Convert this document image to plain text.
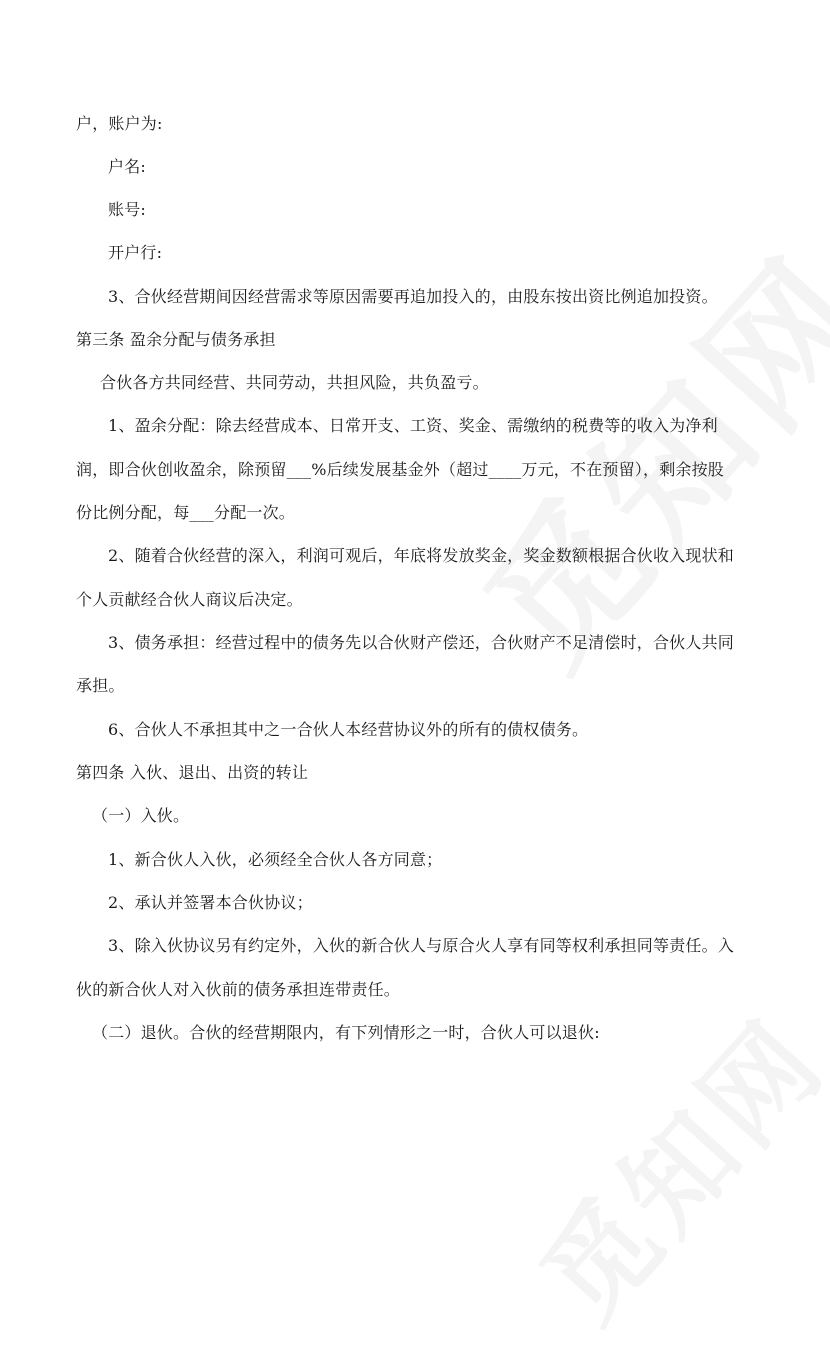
户，账户为:
户名:
账号:
开户行:
3、合伙经营期间因经营需求等原因需要再追加投入的，由股东按出资比例追加投资。
第三条 盈余分配与债务承担
合伙各方共同经营、共同劳动，共担风险，共负盈亏。
1、盈余分配：除去经营成本、日常开支、工资、奖金、需缴纳的税费等的收入为净利
润，即合伙创收盈余，除预留___%后续发展基金外（超过____万元，不在预留），剩余按股
份比例分配，每___分配一次。
2、随着合伙经营的深入，利润可观后，年底将发放奖金，奖金数额根据合伙收入现状和
个人贡献经合伙人商议后决定。
3、债务承担：经营过程中的债务先以合伙财产偿还，合伙财产不足清偿时，合伙人共同
承担。
6、合伙人不承担其中之一合伙人本经营协议外的所有的债权债务。
第四条 入伙、退出、出资的转让
（一）入伙。
1、新合伙人入伙，必须经全合伙人各方同意；
2、承认并签署本合伙协议；
3、除入伙协议另有约定外，入伙的新合伙人与原合火人享有同等权利承担同等责任。入
伙的新合伙人对入伙前的债务承担连带责任。
（二）退伙。合伙的经营期限内，有下列情形之一时，合伙人可以退伙:
